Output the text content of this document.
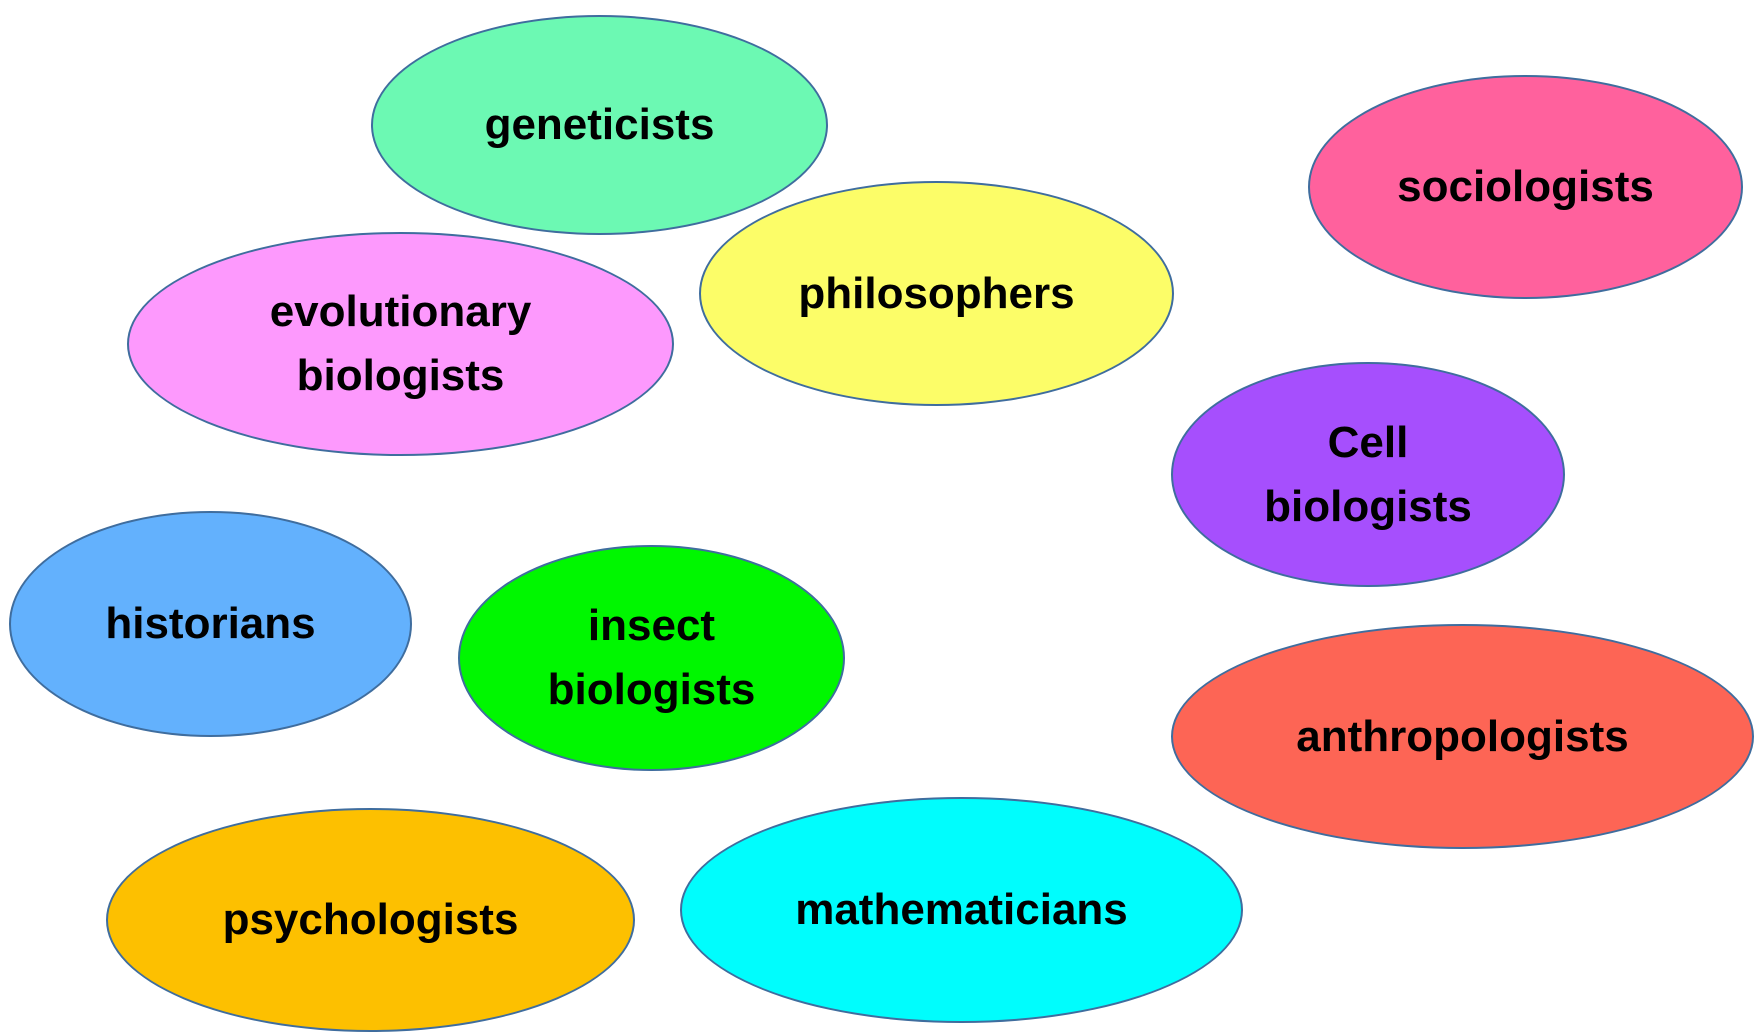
geneticists
sociologists
philosophers
evolutionary
biologists
Cell
biologists
historians	insect
biologists
anthropologists
psychologists	mathematicians
